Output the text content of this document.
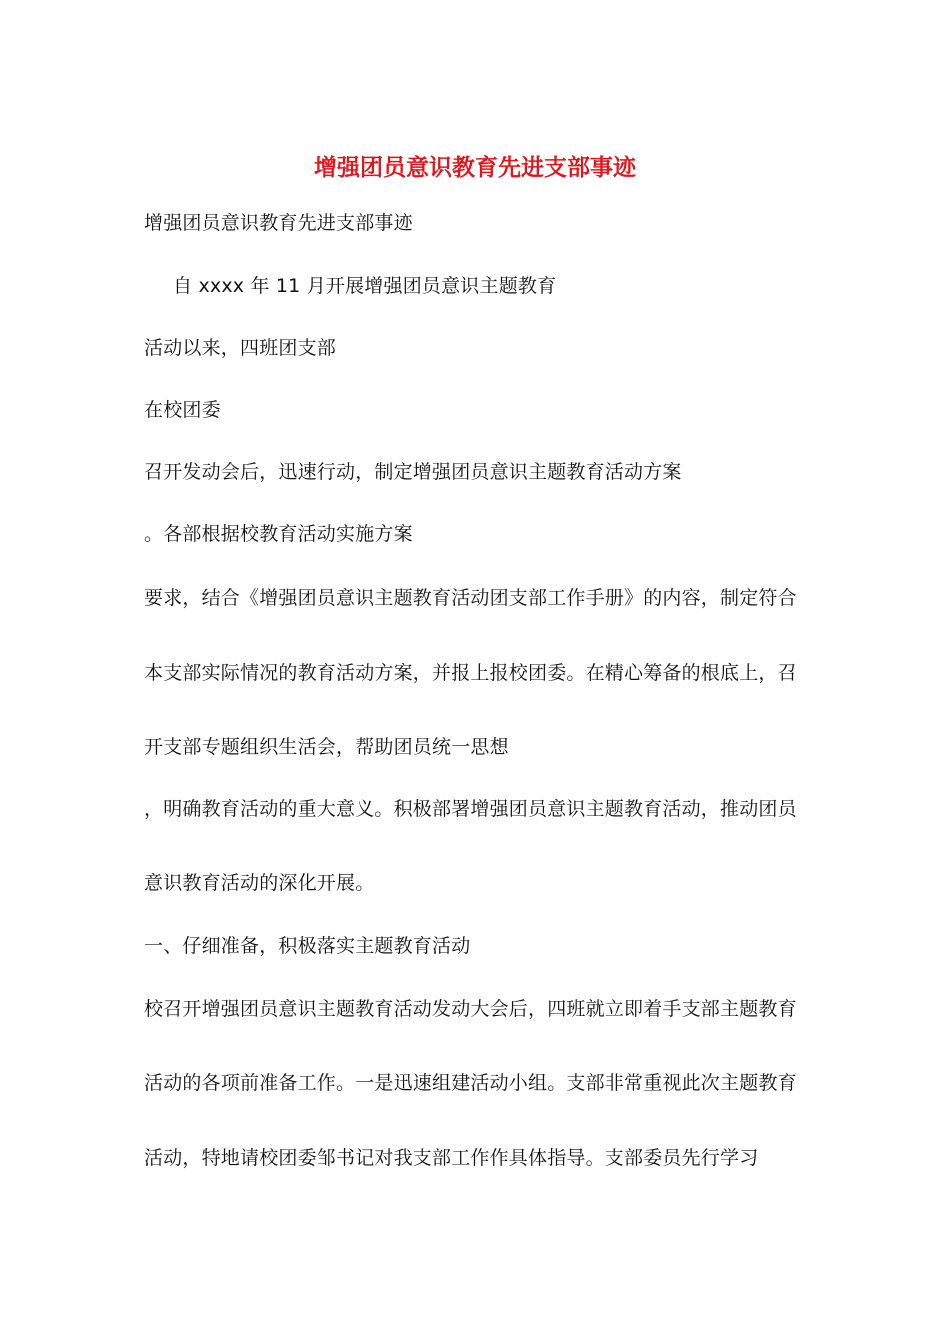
增强团员意识教育先进支部事迹
增强团员意识教育先进支部事迹
自 xxxx 年 11 月开展增强团员意识主题教育
活动以来，四班团支部
在校团委
召开发动会后，迅速行动，制定增强团员意识主题教育活动方案
。各部根据校教育活动实施方案
要求，结合《增强团员意识主题教育活动团支部工作手册》的内容，制定符合
本支部实际情况的教育活动方案，并报上报校团委。在精心筹备的根底上，召
开支部专题组织生活会，帮助团员统一思想
，明确教育活动的重大意义。积极部署增强团员意识主题教育活动，推动团员
意识教育活动的深化开展。
一、仔细准备，积极落实主题教育活动
校召开增强团员意识主题教育活动发动大会后，四班就立即着手支部主题教育
活动的各项前准备工作。一是迅速组建活动小组。支部非常重视此次主题教育
活动，特地请校团委邹书记对我支部工作作具体指导。支部委员先行学习
